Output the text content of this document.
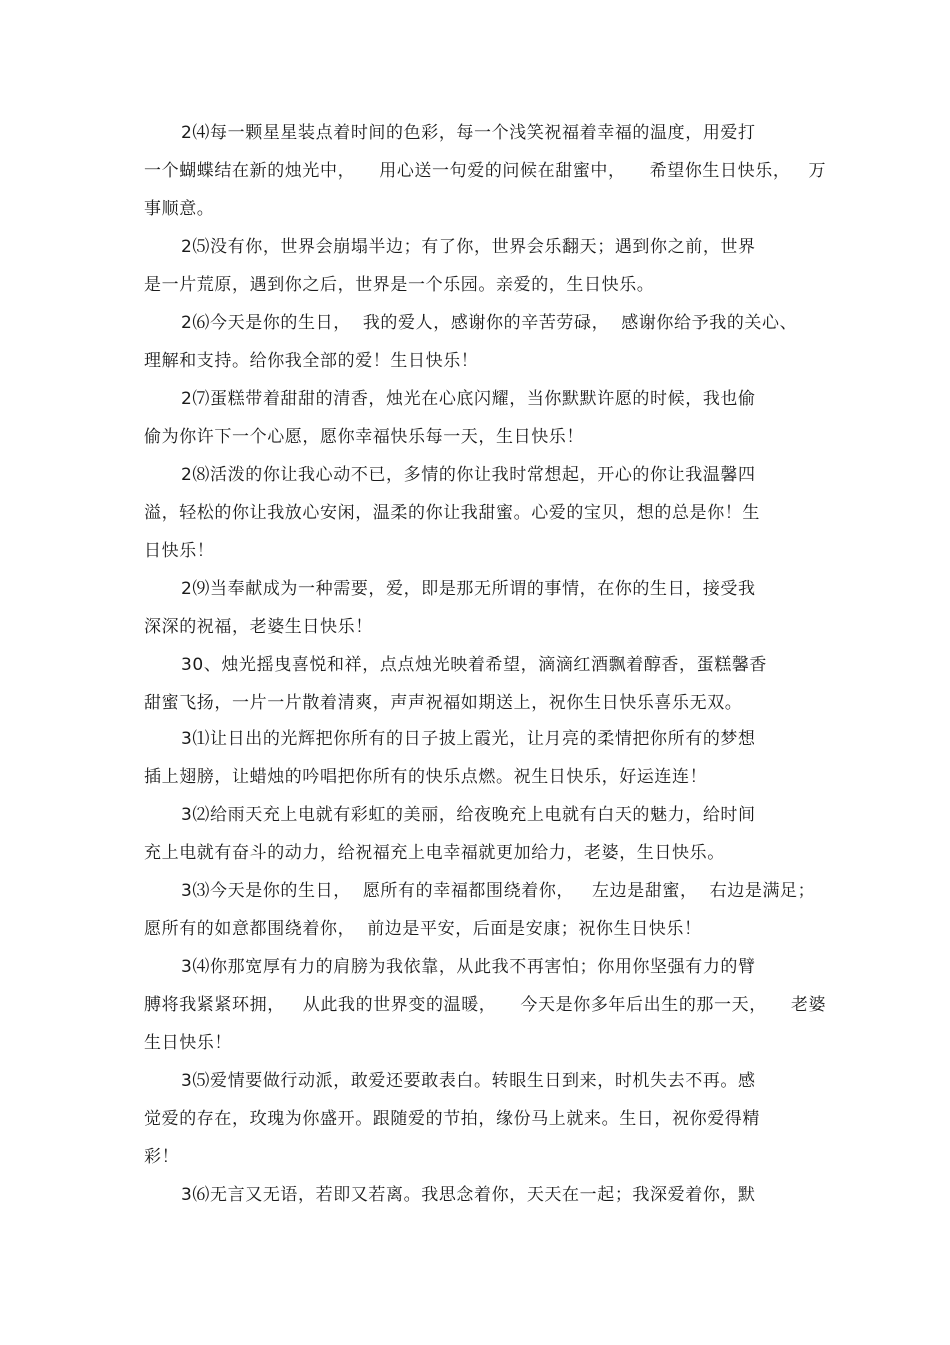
2⑷每一颗星星装点着时间的色彩，每一个浅笑祝福着幸福的温度，用爱打
一个蝴蝶结在新的烛光中，    用心送一句爱的问候在甜蜜中，    希望你生日快乐，   万
事顺意。
2⑸没有你，世界会崩塌半边；有了你，世界会乐翻天；遇到你之前，世界
是一片荒原，遇到你之后，世界是一个乐园。亲爱的，生日快乐。
2⑹今天是你的生日，  我的爱人，感谢你的辛苦劳碌，  感谢你给予我的关心、
理解和支持。给你我全部的爱！生日快乐！
2⑺蛋糕带着甜甜的清香，烛光在心底闪耀，当你默默许愿的时候，我也偷
偷为你许下一个心愿，愿你幸福快乐每一天，生日快乐！
2⑻活泼的你让我心动不已，多情的你让我时常想起，开心的你让我温馨四
溢，轻松的你让我放心安闲，温柔的你让我甜蜜。心爱的宝贝，想的总是你！生
日快乐！
2⑼当奉献成为一种需要，爱，即是那无所谓的事情，在你的生日，接受我
深深的祝福，老婆生日快乐！
30、烛光摇曳喜悦和祥，点点烛光映着希望，滴滴红酒飘着醇香，蛋糕馨香
甜蜜飞扬，一片一片散着清爽，声声祝福如期送上，祝你生日快乐喜乐无双。
3⑴让日出的光辉把你所有的日子披上霞光，让月亮的柔情把你所有的梦想
插上翅膀，让蜡烛的吟唱把你所有的快乐点燃。祝生日快乐，好运连连！
3⑵给雨天充上电就有彩虹的美丽，给夜晚充上电就有白天的魅力，给时间
充上电就有奋斗的动力，给祝福充上电幸福就更加给力，老婆，生日快乐。
3⑶今天是你的生日，  愿所有的幸福都围绕着你，   左边是甜蜜，  右边是满足；
愿所有的如意都围绕着你，  前边是平安，后面是安康；祝你生日快乐！
3⑷你那宽厚有力的肩膀为我依靠，从此我不再害怕；你用你坚强有力的臂
膊将我紧紧环拥，   从此我的世界变的温暖，    今天是你多年后出生的那一天，    老婆
生日快乐！
3⑸爱情要做行动派，敢爱还要敢表白。转眼生日到来，时机失去不再。感
觉爱的存在，玫瑰为你盛开。跟随爱的节拍，缘份马上就来。生日，祝你爱得精
彩！
3⑹无言又无语，若即又若离。我思念着你，天天在一起；我深爱着你，默
